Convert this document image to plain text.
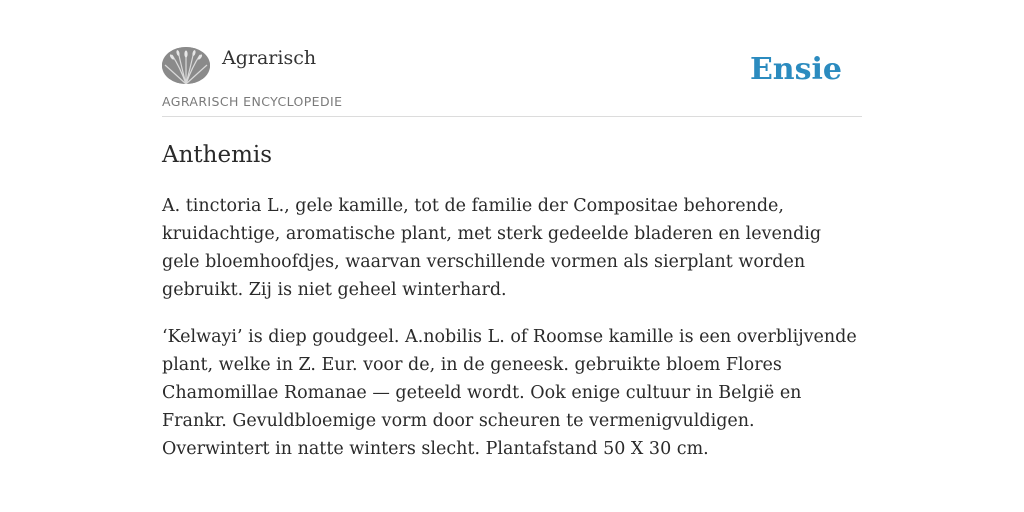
Agrarisch
AGRARISCH ENCYCLOPEDIE
Ensie
Anthemis

A. tinctoria L., gele kamille, tot de familie der Compositae behorende, kruidachtige, aromatische plant, met sterk gedeelde bladeren en levendig gele bloemhoofdjes, waarvan verschillende vormen als sierplant worden gebruikt. Zij is niet geheel winterhard.

‘Kelwayi’ is diep goudgeel. A.nobilis L. of Roomse kamille is een overblijvende plant, welke in Z. Eur. voor de, in de geneesk. gebruikte bloem Flores Chamomillae Romanae — geteeld wordt. Ook enige cultuur in België en Frankr. Gevuldbloemige vorm door scheuren te vermenigvuldigen. Overwintert in natte winters slecht. Plantafstand 50 X 30 cm.
